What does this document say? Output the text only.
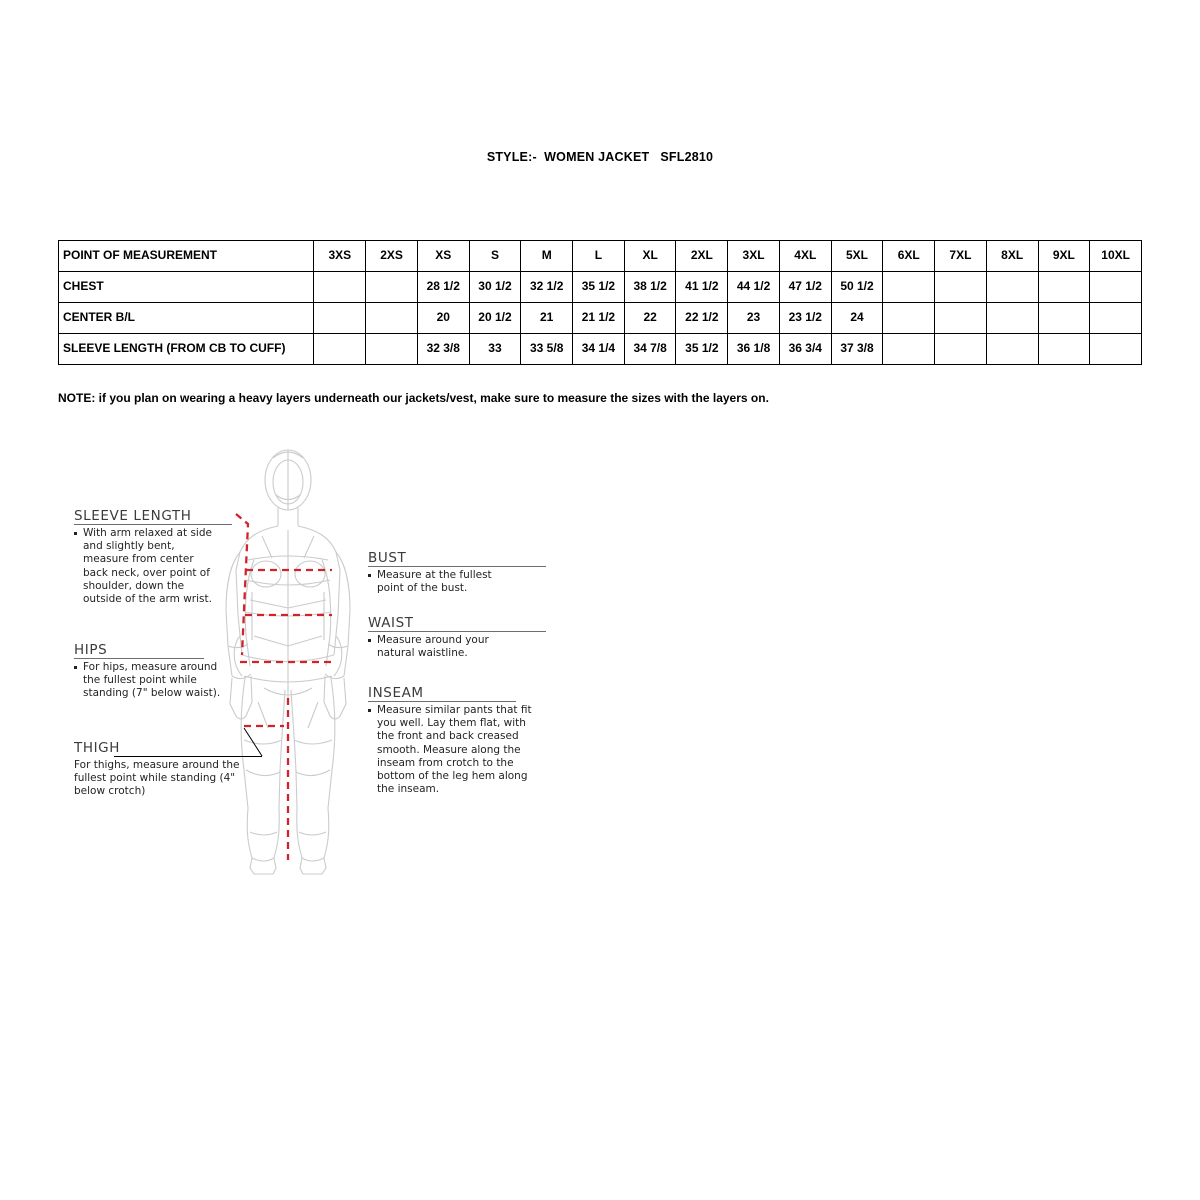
STYLE:-  WOMEN JACKET   SFL2810
POINT OF MEASUREMENT	3XS	2XS	XS	S	M	L	XL	2XL	3XL	4XL	5XL	6XL	7XL	8XL	9XL	10XL
CHEST			28 1/2	30 1/2	32 1/2	35 1/2	38 1/2	41 1/2	44 1/2	47 1/2	50 1/2					
CENTER B/L			20	20 1/2	21	21 1/2	22	22 1/2	23	23 1/2	24					
SLEEVE LENGTH (FROM CB TO CUFF)			32 3/8	33	33 5/8	34 1/4	34 7/8	35 1/2	36 1/8	36 3/4	37 3/8					
NOTE: if you plan on wearing a heavy layers underneath our jackets/vest, make sure to measure the sizes with the layers on.
SLEEVE LENGTH
With arm relaxed at side and slightly bent, measure from center back neck, over point of shoulder, down the outside of the arm wrist.
HIPS
For hips, measure around the fullest point while standing (7" below waist).
THIGH
For thighs, measure around the fullest point while standing (4" below crotch)
BUST
Measure at the fullest point of the bust.
WAIST
Measure around your natural waistline.
INSEAM
Measure similar pants that fit you well. Lay them flat, with the front and back creased smooth. Measure along the inseam from crotch to the bottom of the leg hem along the inseam.
